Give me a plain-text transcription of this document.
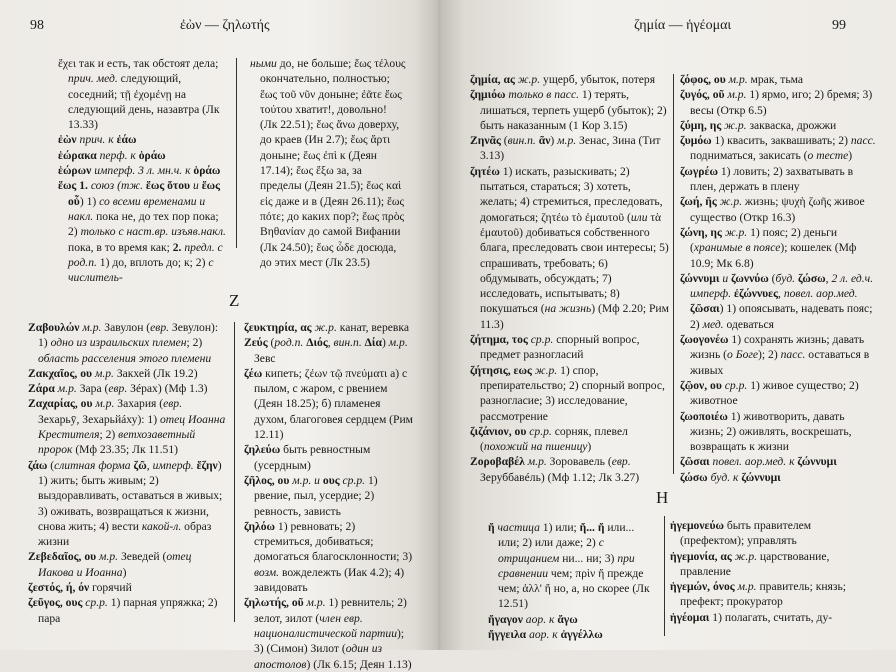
98	ἐὼν — ζηλωτής

ἔχει так и есть, так обстоят дела; прич. мед. следующий, соседний; τῇ ἐχομένῃ на следующий день, назавтра (Лк 13.33)

ἐὼν прич. к ἐάω

ἑώρακα перф. к ὁράω

ἑώρων имперф. 3 л. мн.ч. к ὁράω

ἕως 1. союз (тж. ἕως ὅτου и ἕως οὗ) 1) со всеми временами и накл. пока не, до тех пор пока; 2) только с наст.вр. изъяв.накл. пока, в то время как; 2. предл. с род.п. 1) до, вплоть до; к; 2) с числитель-

ными до, не больше; ἕως τέλους окончательно, полностью; ἕως τοῦ νῦν доныне; ἐᾶτε ἕως τούτου хватит!, довольно! (Лк 22.51); ἕως ἄνω доверху, до краев (Ин 2.7); ἕως ἄρτι доныне; ἕως ἐπὶ к (Деян 17.14); ἕως ἔξω за, за пределы (Деян 21.5); ἕως καὶ εἰς даже и в (Деян 26.11); ἕως πότε; до каких пор?; ἕως πρὸς Βηθανίαν до самой Вифании (Лк 24.50); ἕως ὧδε досюда, до этих мест (Лк 23.5)

Z

Ζαβουλών м.р. Завулон (евр. Зевулон): 1) одно из израильских племен; 2) область расселения этого племени

Ζακχαῖος, ου м.р. Закхей (Лк 19.2)

Ζάρα м.р. Зара (евр. Зéрах) (Мф 1.3)

Ζαχαρίας, ου м.р. Захария (евр. Зехарьӯ, Зехарьйáху): 1) отец Иоанна Крестителя; 2) ветхозаветный пророк (Мф 23.35; Лк 11.51)

ζάω (слитная форма ζῶ, имперф. ἔζην) 1) жить; быть живым; 2) выздоравливать, оставаться в живых; 3) оживать, возвращаться к жизни, снова жить; 4) вести какой-л. образ жизни

Ζεβεδαῖος, ου м.р. Зеведей (отец Иакова и Иоанна)

ζεστός, ή, όν горячий

ζεῦγος, ους ср.р. 1) парная упряжка; 2) пара

ζευκτηρία, ας ж.р. канат, веревка

Ζεύς (род.п. Διός, вин.п. Δία) м.р. Зевс

ζέω кипеть; ζέων τῷ πνεύματι а) с пылом, с жаром, с рвением (Деян 18.25); б) пламенея духом, благоговея сердцем (Рим 12.11)

ζηλεύω быть ревностным (усердным)

ζῆλος, ου м.р. и ους ср.р. 1) рвение, пыл, усердие; 2) ревность, зависть

ζηλόω 1) ревновать; 2) стремиться, добиваться; домогаться благосклонности; 3) возм. вождележть (Иак 4.2); 4) завидовать

ζηλωτής, οῦ м.р. 1) ревнитель; 2) зелот, зилот (член евр. националистической партии); 3) (Симон) Зилот (один из апостолов) (Лк 6.15; Деян 1.13)

ζημία — ἡγέομαι	99

ζημία, ας ж.р. ущерб, убыток, потеря

ζημιόω только в пасс. 1) терять, лишаться, терпеть ущерб (убыток); 2) быть наказанным (1 Кор 3.15)

Ζηνᾶς (вин.п. ᾶν) м.р. Зенас, Зина (Тит 3.13)

ζητέω 1) искать, разыскивать; 2) пытаться, стараться; 3) хотеть, желать; 4) стремиться, преследовать, домогаться; ζητέω τὸ ἐμαυτοῦ (или τὰ ἐμαυτοῦ) добиваться собственного блага, преследовать свои интересы; 5) спрашивать, требовать; 6) обдумывать, обсуждать; 7) исследовать, испытывать; 8) покушаться (на жизнь) (Мф 2.20; Рим 11.3)

ζήτημα, τος ср.р. спорный вопрос, предмет разногласий

ζήτησις, εως ж.р. 1) спор, препирательство; 2) спорный вопрос, разногласие; 3) исследование, рассмотрение

ζιζάνιον, ου ср.р. сорняк, плевел (похожий на пшеницу)

Ζοροβαβέλ м.р. Зоровавель (евр. Зеруббавéль) (Мф 1.12; Лк 3.27)

ζόφος, ου м.р. мрак, тьма

ζυγός, οῦ м.р. 1) ярмо, иго; 2) бремя; 3) весы (Откр 6.5)

ζύμη, ης ж.р. закваска, дрожжи

ζυμόω 1) квасить, заквашивать; 2) пасс. подниматься, закисать (о тесте)

ζωγρέω 1) ловить; 2) захватывать в плен, держать в плену

ζωή, ῆς ж.р. жизнь; ψυχὴ ζωῆς живое существо (Откр 16.3)

ζώνη, ης ж.р. 1) пояс; 2) деньги (хранимые в поясе); кошелек (Мф 10.9; Мк 6.8)

ζώννυμι и ζωννύω (буд. ζώσω, 2 л. ед.ч. имперф. ἐζώννυες, повел. аор.мед. ζῶσαι) 1) опоясывать, надевать пояс; 2) мед. одеваться

ζωογονέω 1) сохранять жизнь; давать жизнь (о Боге); 2) пасс. оставаться в живых

ζῷον, ου ср.р. 1) живое существо; 2) животное

ζωοποιέω 1) животворить, давать жизнь; 2) оживлять, воскрешать, возвращать к жизни

ζῶσαι повел. аор.мед. к ζώννυμι

ζώσω буд. к ζώννυμι

H

ἤ частица 1) или; ἤ... ἤ или... или; 2) или даже; 2) с отрицанием ни... ни; 3) при сравнении чем; πρὶν ἤ прежде чем; ἀλλ' ἤ но, а, но скорее (Лк 12.51)

ἤγαγον аор. к ἄγω

ἤγγειλα аор. к ἀγγέλλω

ἡγεμονεύω быть правителем (префектом); управлять

ἡγεμονία, ας ж.р. царствование, правление

ἡγεμών, όνος м.р. правитель; князь; префект; прокуратор

ἡγέομαι 1) полагать, считать, ду-
